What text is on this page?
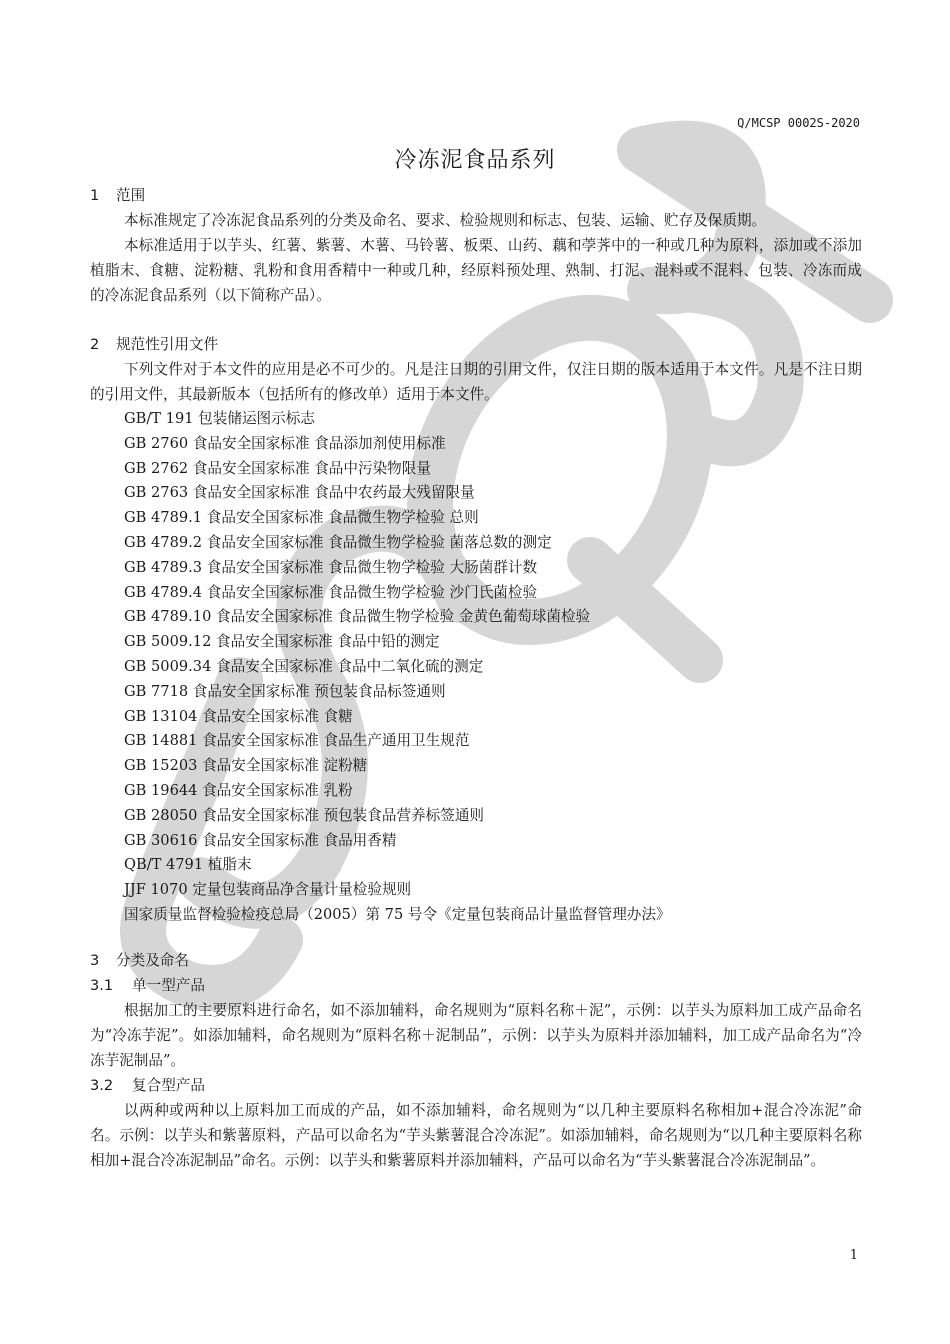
Q/MCSP 0002S-2020
冷冻泥食品系列
1 范围

本标准规定了冷冻泥食品系列的分类及命名、要求、检验规则和标志、包装、运输、贮存及保质期。

本标准适用于以芋头、红薯、紫薯、木薯、马铃薯、板栗、山药、藕和荸荠中的一种或几种为原料，添加或不添加植脂末、食糖、淀粉糖、乳粉和食用香精中一种或几种，经原料预处理、熟制、打泥、混料或不混料、包装、冷冻而成的冷冻泥食品系列（以下简称产品）。

2 规范性引用文件

下列文件对于本文件的应用是必不可少的。凡是注日期的引用文件，仅注日期的版本适用于本文件。凡是不注日期的引用文件，其最新版本（包括所有的修改单）适用于本文件。

GB/T 191 包装储运图示标志
GB 2760 食品安全国家标准 食品添加剂使用标准
GB 2762 食品安全国家标准 食品中污染物限量
GB 2763 食品安全国家标准 食品中农药最大残留限量
GB 4789.1 食品安全国家标准 食品微生物学检验 总则
GB 4789.2 食品安全国家标准 食品微生物学检验 菌落总数的测定
GB 4789.3 食品安全国家标准 食品微生物学检验 大肠菌群计数
GB 4789.4 食品安全国家标准 食品微生物学检验 沙门氏菌检验
GB 4789.10 食品安全国家标准 食品微生物学检验 金黄色葡萄球菌检验
GB 5009.12 食品安全国家标准 食品中铅的测定
GB 5009.34 食品安全国家标准 食品中二氧化硫的测定
GB 7718 食品安全国家标准 预包装食品标签通则
GB 13104 食品安全国家标准 食糖
GB 14881 食品安全国家标准 食品生产通用卫生规范
GB 15203 食品安全国家标准 淀粉糖
GB 19644 食品安全国家标准 乳粉
GB 28050 食品安全国家标准 预包装食品营养标签通则
GB 30616 食品安全国家标准 食品用香精
QB/T 4791 植脂末
JJF 1070 定量包装商品净含量计量检验规则
国家质量监督检验检疫总局（2005）第 75 号令《定量包装商品计量监督管理办法》
3 分类及命名
3.1 单一型产品

根据加工的主要原料进行命名，如不添加辅料，命名规则为“原料名称＋泥”，示例：以芋头为原料加工成产品命名为“冷冻芋泥”。如添加辅料，命名规则为“原料名称＋泥制品”，示例：以芋头为原料并添加辅料，加工成产品命名为“冷冻芋泥制品”。

3.2 复合型产品

以两种或两种以上原料加工而成的产品，如不添加辅料，命名规则为“以几种主要原料名称相加+混合冷冻泥”命名。示例：以芋头和紫薯原料，产品可以命名为“芋头紫薯混合冷冻泥”。如添加辅料，命名规则为“以几种主要原料名称相加+混合冷冻泥制品”命名。示例：以芋头和紫薯原料并添加辅料，产品可以命名为“芋头紫薯混合冷冻泥制品”。

1
